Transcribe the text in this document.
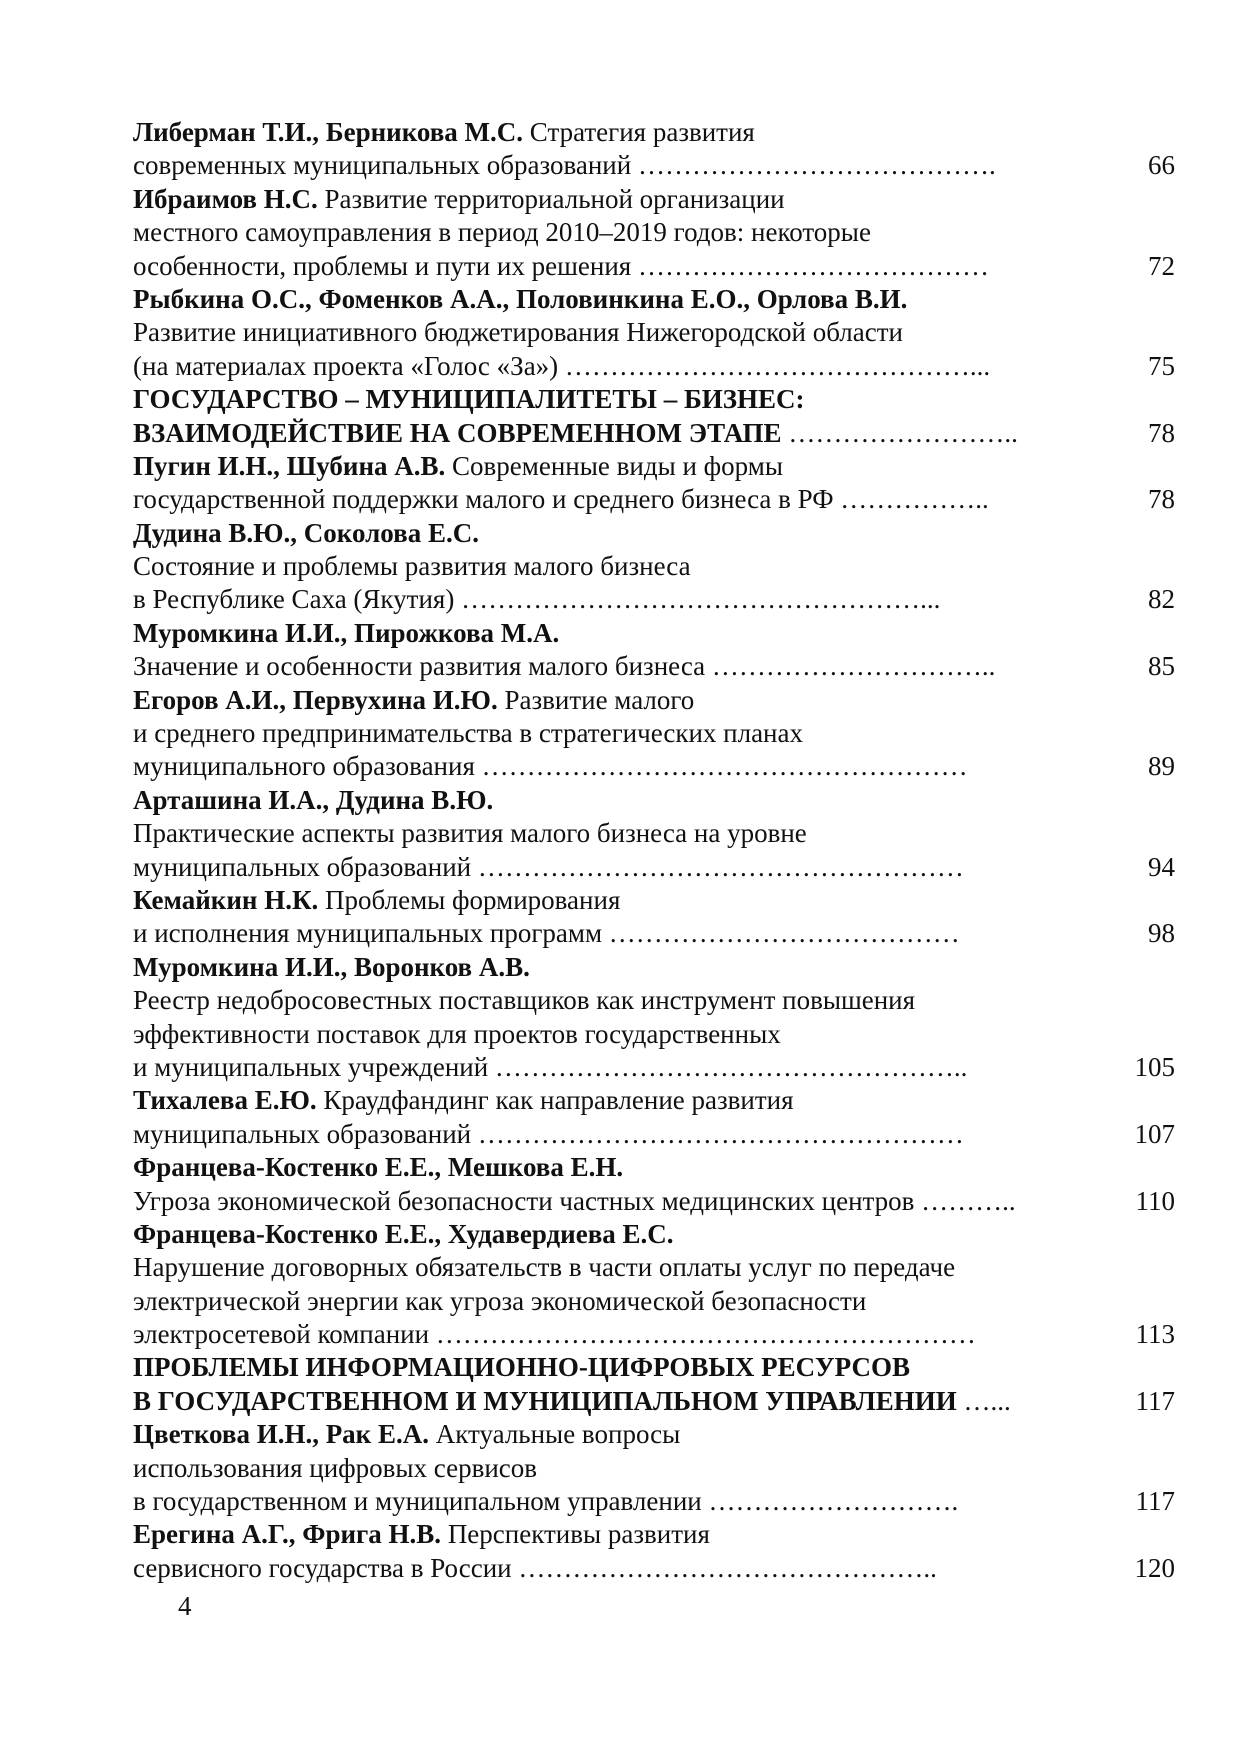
Либерман Т.И., Берникова М.С. Стратегия развития
современных муниципальных образований ………………………………….	66
Ибраимов Н.С. Развитие территориальной организации
местного самоуправления в период 2010–2019 годов: некоторые
особенности, проблемы и пути их решения …………………………………	72
Рыбкина О.С., Фоменков А.А., Половинкина Е.О., Орлова В.И.
Развитие инициативного бюджетирования Нижегородской области
(на материалах проекта «Голос «За») ………………………………………...	75
ГОСУДАРСТВО – МУНИЦИПАЛИТЕТЫ – БИЗНЕС:
ВЗАИМОДЕЙСТВИЕ НА СОВРЕМЕННОМ ЭТАПЕ ……………………..	78
Пугин И.Н., Шубина А.В. Современные виды и формы
государственной поддержки малого и среднего бизнеса в РФ ……………..	78
Дудина В.Ю., Соколова Е.С.
Состояние и проблемы развития малого бизнеса
в Республике Саха (Якутия) ……………………………………………...	82
Муромкина И.И., Пирожкова М.А.
Значение и особенности развития малого бизнеса …………………………..	85
Егоров А.И., Первухина И.Ю. Развитие малого
и среднего предпринимательства в стратегических планах
муниципального образования ………………………………………………	89
Арташина И.А., Дудина В.Ю.
Практические аспекты развития малого бизнеса на уровне
муниципальных образований ………………………………………………	94
Кемайкин Н.К. Проблемы формирования
и исполнения муниципальных программ …………………………………	98
Муромкина И.И., Воронков А.В.
Реестр недобросовестных поставщиков как инструмент повышения
эффективности поставок для проектов государственных
и муниципальных учреждений ……………………………………………..	105
Тихалева Е.Ю. Краудфандинг как направление развития
муниципальных образований ………………………………………………	107
Францева-Костенко Е.Е., Мешкова Е.Н.
Угроза экономической безопасности частных медицинских центров ………..	110
Францева-Костенко Е.Е., Худавердиева Е.С.
Нарушение договорных обязательств в части оплаты услуг по передаче
электрической энергии как угроза экономической безопасности
электросетевой компании ……………………………………………………	113
ПРОБЛЕМЫ ИНФОРМАЦИОННО-ЦИФРОВЫХ РЕСУРСОВ
В ГОСУДАРСТВЕННОМ И МУНИЦИПАЛЬНОМ УПРАВЛЕНИИ …...	117
Цветкова И.Н., Рак Е.А. Актуальные вопросы
использования цифровых сервисов
в государственном и муниципальном управлении ……………………….	117
Ерегина А.Г., Фрига Н.В. Перспективы развития
сервисного государства в России ………………………………………..	120
4
